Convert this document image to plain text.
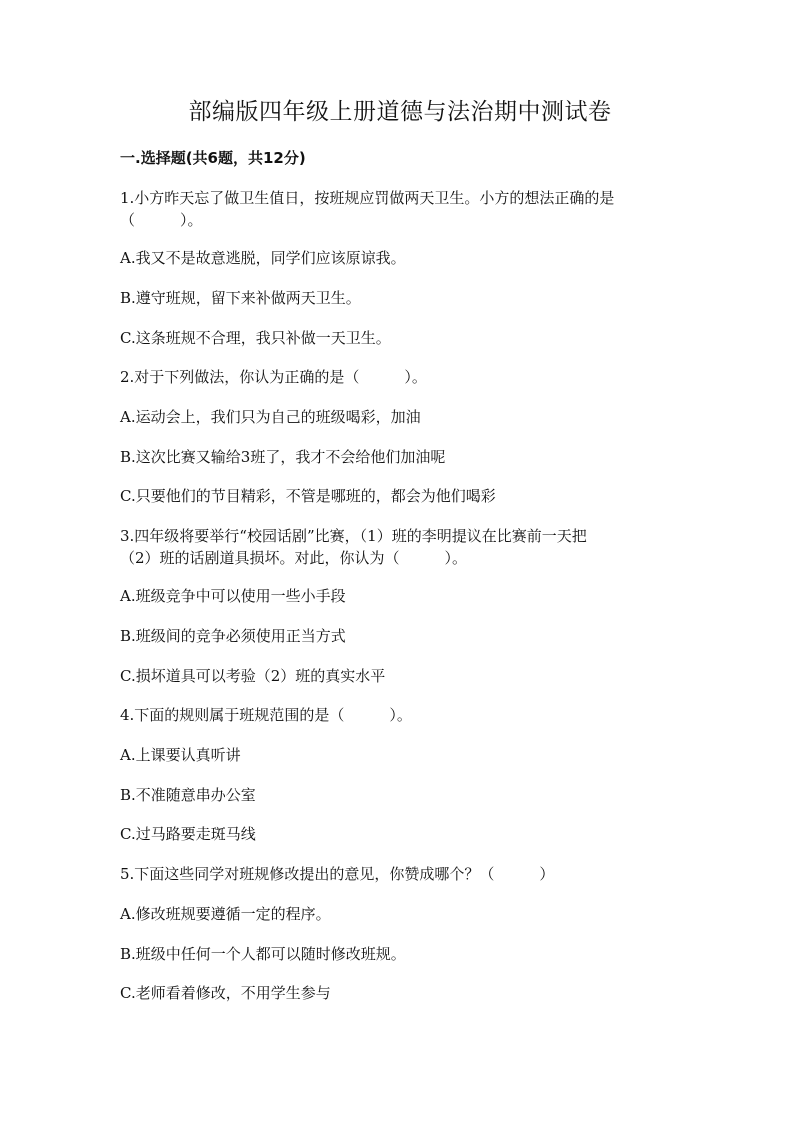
部编版四年级上册道德与法治期中测试卷
一.选择题(共6题，共12分)
1.小方昨天忘了做卫生值日，按班规应罚做两天卫生。小方的想法正确的是
（　　　）。
A.我又不是故意逃脱，同学们应该原谅我。
B.遵守班规，留下来补做两天卫生。
C.这条班规不合理，我只补做一天卫生。
2.对于下列做法，你认为正确的是（　　　）。
A.运动会上，我们只为自己的班级喝彩，加油
B.这次比赛又输给3班了，我才不会给他们加油呢
C.只要他们的节目精彩，不管是哪班的，都会为他们喝彩
3.四年级将要举行“校园话剧”比赛，（1）班的李明提议在比赛前一天把
（2）班的话剧道具损坏。对此，你认为（　　　）。
A.班级竞争中可以使用一些小手段
B.班级间的竞争必须使用正当方式
C.损坏道具可以考验（2）班的真实水平
4.下面的规则属于班规范围的是（　　　）。
A.上课要认真听讲
B.不准随意串办公室
C.过马路要走斑马线
5.下面这些同学对班规修改提出的意见，你赞成哪个？（　　　）
A.修改班规要遵循一定的程序。
B.班级中任何一个人都可以随时修改班规。
C.老师看着修改，不用学生参与
